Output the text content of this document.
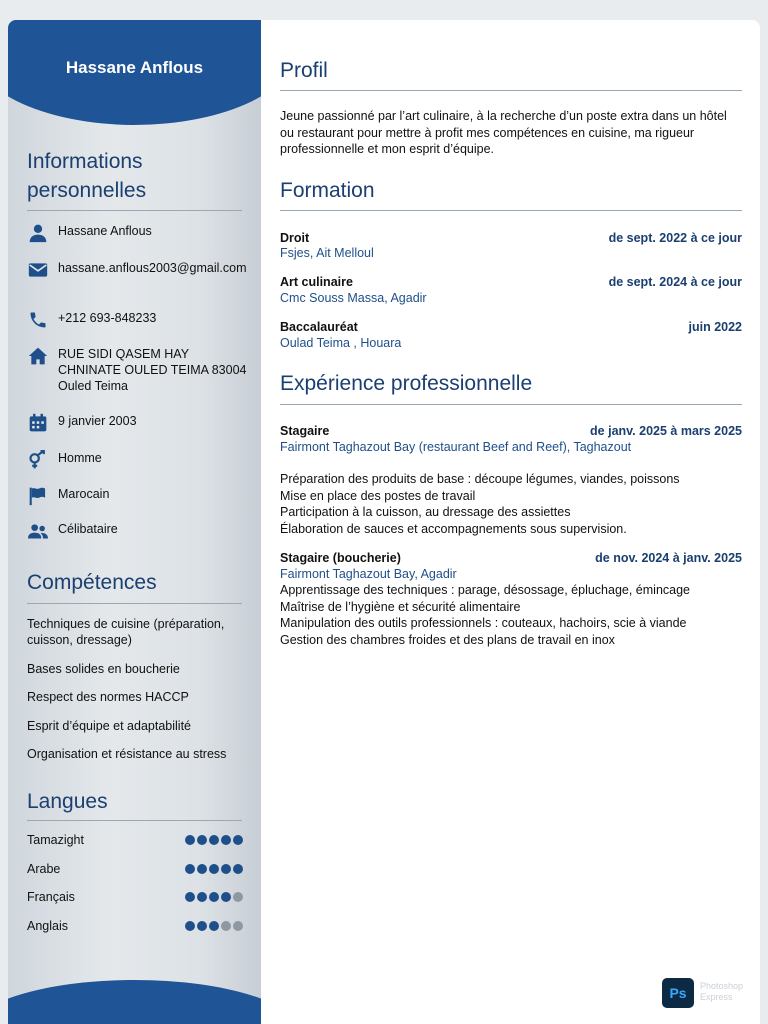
Hassane Anflous
Informations personnelles
Hassane Anflous
hassane.anflous2003@gmail.com
+212 693-848233
RUE SIDI QASEM HAY CHNINATE OULED TEIMA 83004 Ouled Teima
9 janvier 2003
Homme
Marocain
Célibataire
Compétences
Techniques de cuisine (préparation, cuisson, dressage)
Bases solides en boucherie
Respect des normes HACCP
Esprit d’équipe et adaptabilité
Organisation et résistance au stress
Langues
Tamazight
Arabe
Français
Anglais
Profil
Jeune passionné par l’art culinaire, à la recherche d’un poste extra dans un hôtel ou restaurant pour mettre à profit mes compétences en cuisine, ma rigueur professionnelle et mon esprit d’équipe.
Formation
Droit	de sept. 2022 à ce jour
Fsjes, Ait Melloul
Art culinaire	de sept. 2024 à ce jour
Cmc Souss Massa, Agadir
Baccalauréat	juin 2022
Oulad Teima , Houara
Expérience professionnelle
Stagaire	de janv. 2025 à mars 2025
Fairmont Taghazout Bay (restaurant Beef and Reef), Taghazout
Préparation des produits de base : découpe légumes, viandes, poissons
Mise en place des postes de travail
Participation à la cuisson, au dressage des assiettes
Élaboration de sauces et accompagnements sous supervision.
Stagaire (boucherie)	de nov. 2024 à janv. 2025
Fairmont Taghazout Bay, Agadir
Apprentissage des techniques : parage, désossage, épluchage, émincage
Maîtrise de l’hygiène et sécurité alimentaire
Manipulation des outils professionnels : couteaux, hachoirs, scie à viande
Gestion des chambres froides et des plans de travail en inox
Ps	Photoshop
Express
